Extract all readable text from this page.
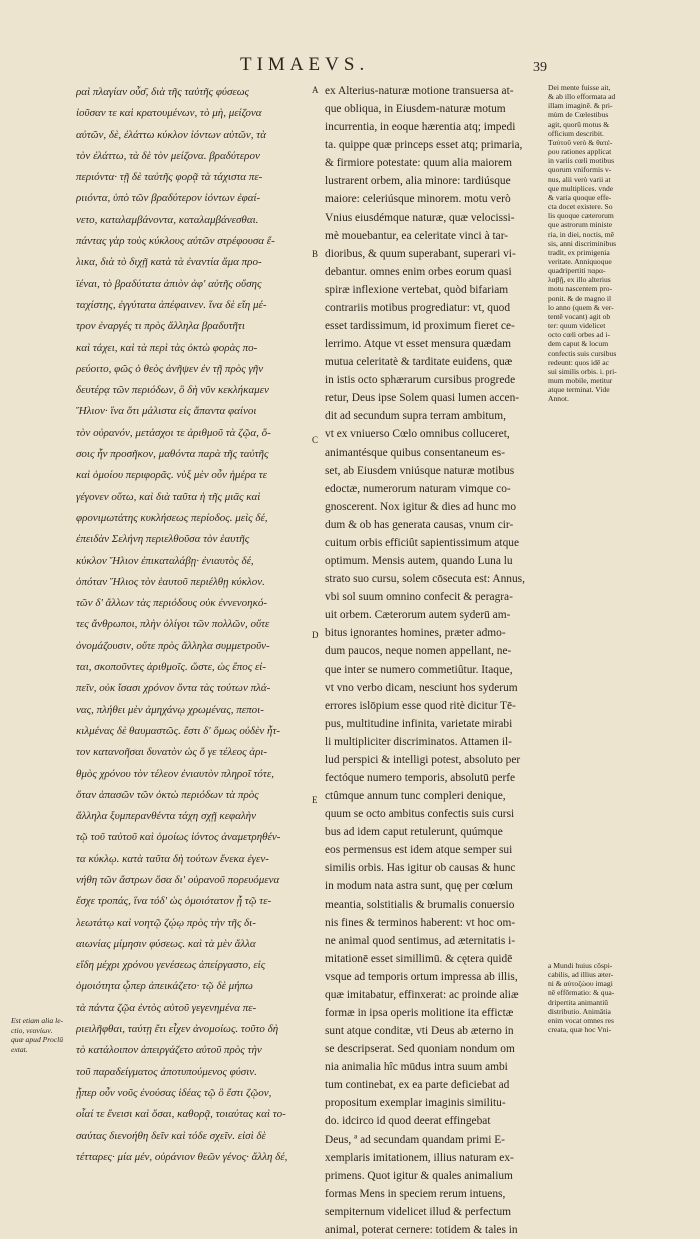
TIMAEVS.	39
ραὶ πλαγίαν οὖσ̄, διὰ τῆς ταὐτῆς φύσεως
ἰοῦσαν τε καὶ κρατουμένων, τὸ μὴ, μείζονα
αὐτῶν, δὲ, ἐλάττω κύκλον ἰόντων αὐτῶν, τὰ
τὸν ἐλάττω, τὰ δὲ τὸν μείζονα. βραδύτερον
περιόντα· τῇ δὲ ταὐτῆς φορᾷ τὰ τάχιστα πε-
ριιόντα, ὑπὸ τῶν βραδύτερον ἰόντων ἐφαί-
νετο, καταλαμβάνοντα, καταλαμβάνεσθαι.
πάντας γὰρ τοὺς κύκλους αὐτῶν στρέφουσα ἕ-
λικα, διὰ τὸ διχῇ κατὰ τὰ ἐναντία ἅμα προ-
ϊέναι, τὸ βραδύτατα ἀπιὸν ἀφ' αὐτῆς οὔσης
ταχίστης, ἐγγύτατα ἀπέφαινεν. ἵνα δὲ εἴη μέ-
τρον ἐναργές τι πρὸς ἄλληλα βραδυτῆτι
καὶ τάχει, καὶ τὰ περὶ τὰς ὀκτὼ φορὰς πο-
ρεύοιτο, φῶς ὁ θεὸς ἀνῆψεν ἐν τῇ πρὸς γῆν
δευτέρᾳ τῶν περιόδων, ὃ δὴ νῦν κεκλήκαμεν
Ἥλιον· ἵνα ὅτι μάλιστα εἰς ἅπαντα φαίνοι
τὸν οὐρανόν, μετάσχοι τε ἀριθμοῦ τὰ ζῷα, ὅ-
σοις ἦν προσῆκον, μαθόντα παρὰ τῆς ταὐτῆς
καὶ ὁμοίου περιφορᾶς. νὺξ μὲν οὖν ἡμέρα τε
γέγονεν οὕτω, καὶ διὰ ταῦτα ἡ τῆς μιᾶς καὶ
φρονιμωτάτης κυκλήσεως περίοδος. μεὶς δέ,
ἐπειδὰν Σελήνη περιελθοῦσα τὸν ἑαυτῆς
κύκλον Ἥλιον ἐπικαταλάβῃ· ἐνιαυτὸς δέ,
ὁπόταν Ἥλιος τὸν ἑαυτοῦ περιέλθῃ κύκλον.
τῶν δ' ἄλλων τὰς περιόδους οὐκ ἐννενοηκό-
τες ἄνθρωποι, πλὴν ὀλίγοι τῶν πολλῶν, οὔτε
ὀνομάζουσιν, οὔτε πρὸς ἄλληλα συμμετροῦν-
ται, σκοποῦντες ἀριθμοῖς. ὥστε, ὡς ἔπος εἰ-
πεῖν, οὐκ ἴσασι χρόνον ὄντα τὰς τούτων πλά-
νας, πλήθει μὲν ἀμηχάνῳ χρωμένας, πεποι-
κιλμένας δὲ θαυμαστῶς. ἔστι δ' ὅμως οὐδὲν ἧτ-
τον κατανοῆσαι δυνατὸν ὡς ὅ γε τέλεος ἀρι-
θμὸς χρόνου τὸν τέλεον ἐνιαυτὸν πληροῖ τότε,
ὅταν ἁπασῶν τῶν ὀκτὼ περιόδων τὰ πρὸς
ἄλληλα ξυμπερανθέντα τάχη σχῇ κεφαλὴν
τῷ τοῦ ταὐτοῦ καὶ ὁμοίως ἰόντος ἀναμετρηθέν-
τα κύκλῳ. κατὰ ταῦτα δὴ τούτων ἕνεκα ἐγεν-
νήθη τῶν ἄστρων ὅσα δι' οὐρανοῦ πορευόμενα
ἔσχε τροπάς, ἵνα τόδ' ὡς ὁμοιότατον ᾖ τῷ τε-
λεωτάτῳ καὶ νοητῷ ζῴῳ πρὸς τὴν τῆς δι-
αιωνίας μίμησιν φύσεως. καὶ τὰ μὲν ἄλλα
εἴδη μέχρι χρόνου γενέσεως ἀπείργαστο, εἰς
ὁμοιότητα ᾧπερ ἀπεικάζετο· τῷ δὲ μήπω
τὰ πάντα ζῷα ἐντὸς αὐτοῦ γεγενημένα πε-
ριειλῆφθαι, ταύτῃ ἔτι εἶχεν ἀνομοίως. τοῦτο δὴ
τὸ κατάλοιπον ἀπειργάζετο αὐτοῦ πρὸς τὴν
τοῦ παραδείγματος ἀποτυπούμενος φύσιν.
ᾗπερ οὖν νοῦς ἐνούσας ἰδέας τῷ ὃ ἔστι ζῷον,
οἷαί τε ἔνεισι καὶ ὅσαι, καθορᾷ, τοιαύτας καὶ το-
σαύτας διενοήθη δεῖν καὶ τόδε σχεῖν. εἰσὶ δὲ
τέτταρες· μία μέν, οὐράνιον θεῶν γένος· ἄλλη δέ,
A
B
C
D
E
ex Alterius-naturæ motione transuersa at-
que obliqua, in Eiusdem-naturæ motum
incurrentia, in eoque hærentia atq; impedi
ta. quippe quæ princeps esset atq; primaria,
& firmiore potestate: quum alia maiorem
lustrarent orbem, alia minore: tardiúsque
maiore: celeriúsque minorem. motu verò
Vnius eiusdémque naturæ, quæ velocissi-
mè mouebantur, ea celeritate vinci à tar-
dioribus, & quum superabant, superari vi-
debantur. omnes enim orbes eorum quasi
spiræ inflexione vertebat, quòd bifariam
contrariis motibus progrediatur: vt, quod
esset tardissimum, id proximum fieret ce-
lerrimo. Atque vt esset mensura quædam
mutua celeritatè & tarditate euidens, quæ
in istis octo sphærarum cursibus progrede
retur, Deus ipse Solem quasi lumen accen-
dit ad secundum supra terram ambitum,
vt ex vniuerso Cœlo omnibus colluceret,
animantésque quibus consentaneum es-
set, ab Eiusdem vniúsque naturæ motibus
edoctæ, numerorum naturam vimque co-
gnoscerent. Nox igitur & dies ad hunc mo
dum & ob has generata causas, vnum cir-
cuitum orbis efficiût sapientissimum atque
optimum. Mensis autem, quando Luna lu
strato suo cursu, solem cōsecuta est: Annus,
vbi sol suum omnino confecit & peragra-
uit orbem. Cæterorum autem syderū am-
bitus ignorantes homines, præter admo-
dum paucos, neque nomen appellant, ne-
que inter se numero commetiûtur. Itaque,
vt vno verbo dicam, nesciunt hos syderum
errores islōpium esse quod ritè dicitur Tē-
pus, multitudine infinita, varietate mirabi
li multipliciter discriminatos. Attamen il-
lud perspici & intelligi potest, absoluto per
fectóque numero temporis, absolutū perfe
ctûmque annum tunc compleri denique,
quum se octo ambitus confectis suis cursi
bus ad idem caput retulerunt, quúmque
eos permensus est idem atque semper sui
similis orbis. Has igitur ob causas & hunc
in modum nata astra sunt, quę per cœlum
meantia, solstitialis & brumalis conuersio
nis fines & terminos haberent: vt hoc om-
ne animal quod sentimus, ad æternitatis i-
mitationē esset simillimū. & cętera quidē
vsque ad temporis ortum impressa ab illis,
quæ imitabatur, effinxerat: ac proinde aliæ
formæ in ipsa operis molitione ita effictæ
sunt atque conditæ, vti Deus ab æterno in
se descripserat. Sed quoniam nondum om
nia animalia hîc mūdus intra suum ambi
tum continebat, ex ea parte deficiebat ad
propositum exemplar imaginis similitu-
do. idcirco id quod deerat effingebat
Deus, ª ad secundam quandam primi E-
xemplaris imitationem, illius naturam ex-
primens. Quot igitur & quales animalium
formas Mens in speciem rerum intuens,
sempiternum videlicet illud & perfectum
animal, poterat cernere: totidem & tales in
Dei mente fuisse ait,
& ab illo efformata ad
illam imaginē. & pri-
mùm de Cœlestibus
agit, quorū motus &
officium describit.
Tαὐτοῦ verò & θατέ-
ρου rationes applicat
in variis cœli motibus
quorum vniformis v-
nus, alii verò varii at
que multiplices. vnde
& varia quoque effe-
cta docet existere. So
lis quoque cæterorum
que astrorum ministe
ria, in diei, noctis, mē
sis, anni discriminibus
tradit, ex primigenia
veritate. Anniquoque
quadripertiti παρα-
λαβῇ, ex illo alterius
motu nascentem pro-
ponit. & de magno il
lo anno (quem & ver-
tentē vocant) agit ob
ter: quum videlicet
octo cœli orbes ad i-
dem caput & locum
confectis suis cursibus
redeunt: quos idē ac
sui similis orbis. i. pri-
mum mobile, metitur
atque terminat. Vide
Annot.
a Mundi huius cōspi-
cabilis, ad illius æter-
ni & αὐτοζώου imagi
nē effōrmatio: & qua-
dripertita animantiū
distributio. Animātia
enim vocat omnes res
creata, quæ hoc Vni-
Est etiam alia le-
ctio, νεανίων.
quæ apud Proclū
extat.
